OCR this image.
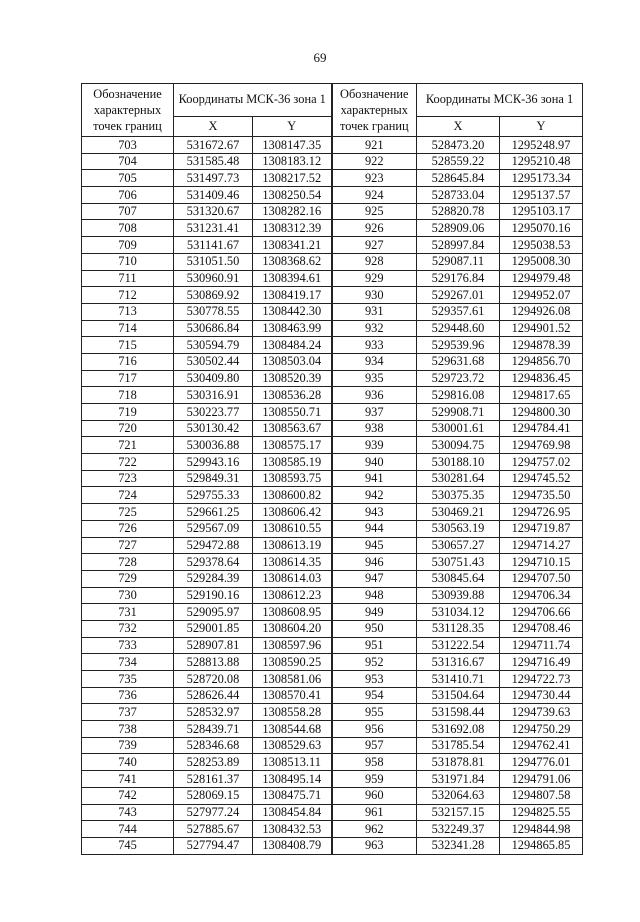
69
Обозначение характерных точек границ	Координаты МСК-36 зона 1		Обозначение характерных точек границ	Координаты МСК-36 зона 1	
	X	Y		X	Y
703	531672.67	1308147.35	921	528473.20	1295248.97
704	531585.48	1308183.12	922	528559.22	1295210.48
705	531497.73	1308217.52	923	528645.84	1295173.34
706	531409.46	1308250.54	924	528733.04	1295137.57
707	531320.67	1308282.16	925	528820.78	1295103.17
708	531231.41	1308312.39	926	528909.06	1295070.16
709	531141.67	1308341.21	927	528997.84	1295038.53
710	531051.50	1308368.62	928	529087.11	1295008.30
711	530960.91	1308394.61	929	529176.84	1294979.48
712	530869.92	1308419.17	930	529267.01	1294952.07
713	530778.55	1308442.30	931	529357.61	1294926.08
714	530686.84	1308463.99	932	529448.60	1294901.52
715	530594.79	1308484.24	933	529539.96	1294878.39
716	530502.44	1308503.04	934	529631.68	1294856.70
717	530409.80	1308520.39	935	529723.72	1294836.45
718	530316.91	1308536.28	936	529816.08	1294817.65
719	530223.77	1308550.71	937	529908.71	1294800.30
720	530130.42	1308563.67	938	530001.61	1294784.41
721	530036.88	1308575.17	939	530094.75	1294769.98
722	529943.16	1308585.19	940	530188.10	1294757.02
723	529849.31	1308593.75	941	530281.64	1294745.52
724	529755.33	1308600.82	942	530375.35	1294735.50
725	529661.25	1308606.42	943	530469.21	1294726.95
726	529567.09	1308610.55	944	530563.19	1294719.87
727	529472.88	1308613.19	945	530657.27	1294714.27
728	529378.64	1308614.35	946	530751.43	1294710.15
729	529284.39	1308614.03	947	530845.64	1294707.50
730	529190.16	1308612.23	948	530939.88	1294706.34
731	529095.97	1308608.95	949	531034.12	1294706.66
732	529001.85	1308604.20	950	531128.35	1294708.46
733	528907.81	1308597.96	951	531222.54	1294711.74
734	528813.88	1308590.25	952	531316.67	1294716.49
735	528720.08	1308581.06	953	531410.71	1294722.73
736	528626.44	1308570.41	954	531504.64	1294730.44
737	528532.97	1308558.28	955	531598.44	1294739.63
738	528439.71	1308544.68	956	531692.08	1294750.29
739	528346.68	1308529.63	957	531785.54	1294762.41
740	528253.89	1308513.11	958	531878.81	1294776.01
741	528161.37	1308495.14	959	531971.84	1294791.06
742	528069.15	1308475.71	960	532064.63	1294807.58
743	527977.24	1308454.84	961	532157.15	1294825.55
744	527885.67	1308432.53	962	532249.37	1294844.98
745	527794.47	1308408.79	963	532341.28	1294865.85
